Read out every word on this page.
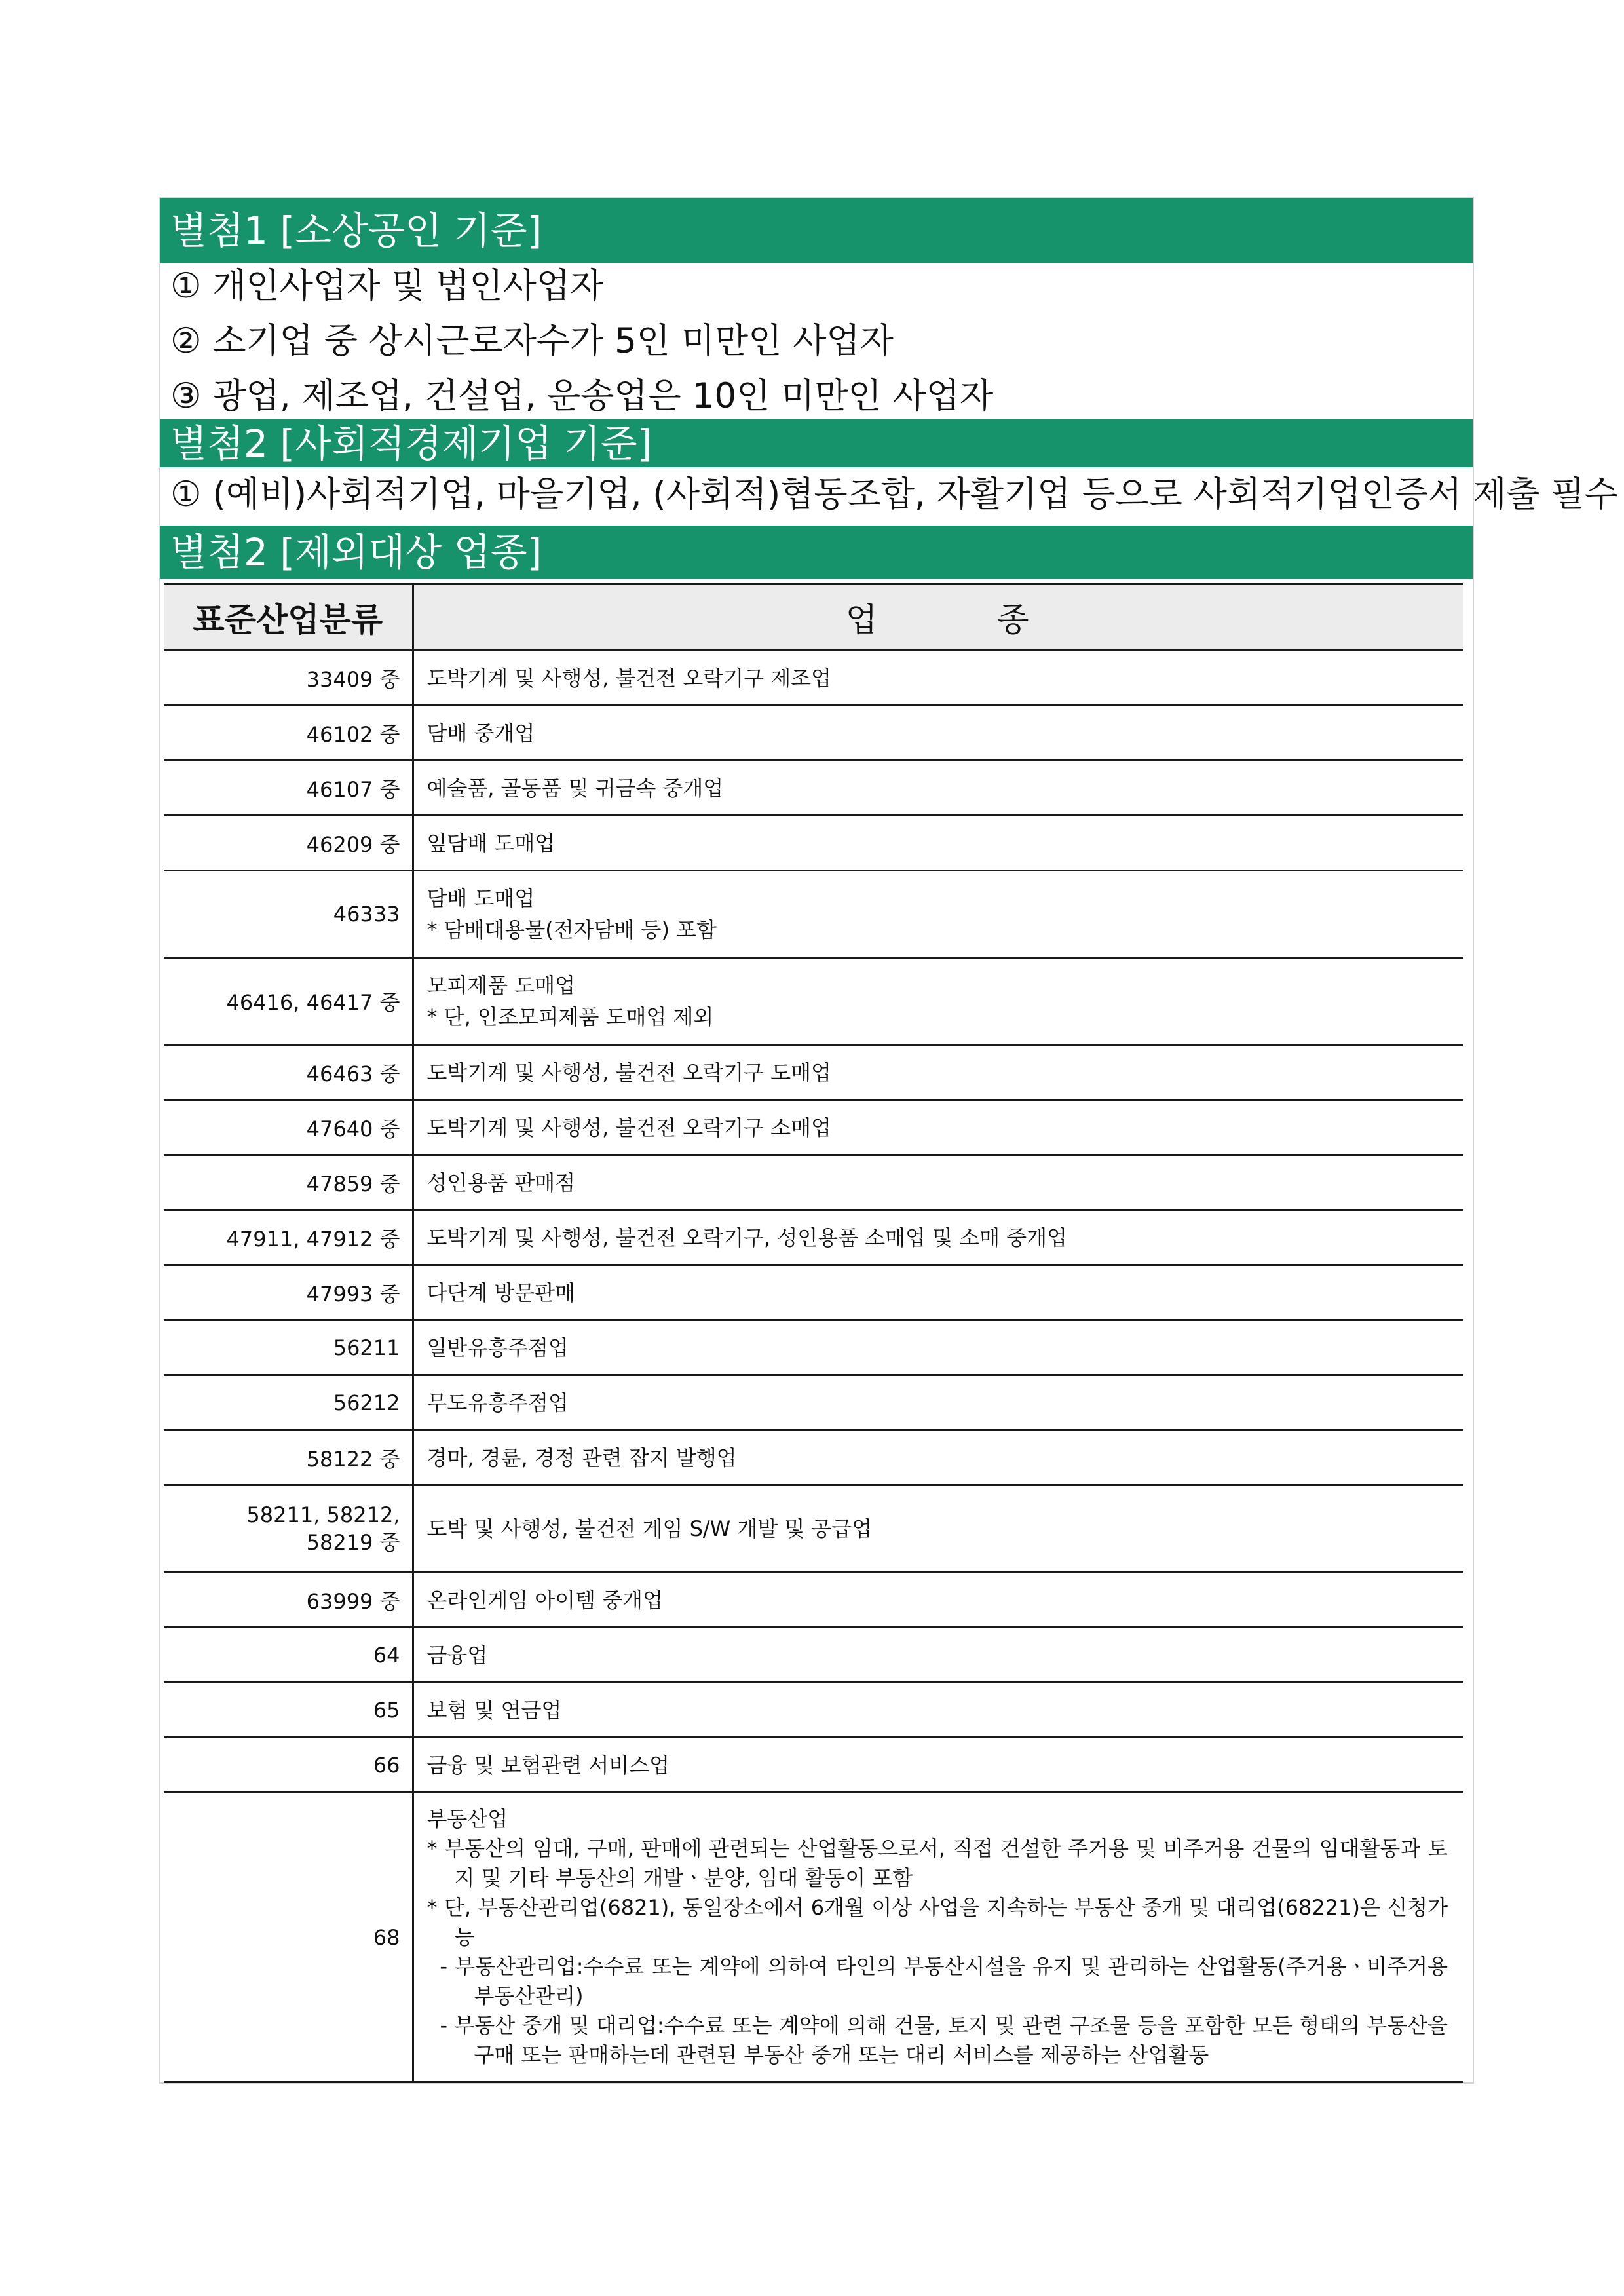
별첨1 [소상공인 기준]
① 개인사업자 및 법인사업자
② 소기업 중 상시근로자수가 5인 미만인 사업자
③ 광업, 제조업, 건설업, 운송업은 10인 미만인 사업자
별첨2 [사회적경제기업 기준]
① (예비)사회적기업, 마을기업, (사회적)협동조합, 자활기업 등으로 사회적기업인증서 제출 필수
별첨2 [제외대상 업종]
표준산업분류	업         종
33409 중	도박기계 및 사행성, 불건전 오락기구 제조업

46102 중	담배 중개업

46107 중	예술품, 골동품 및 귀금속 중개업

46209 중	잎담배 도매업

46333	담배 도매업
* 담배대용물(전자담배 등) 포함

46416, 46417 중	모피제품 도매업
* 단, 인조모피제품 도매업 제외

46463 중	도박기계 및 사행성, 불건전 오락기구 도매업

47640 중	도박기계 및 사행성, 불건전 오락기구 소매업

47859 중	성인용품 판매점

47911, 47912 중	도박기계 및 사행성, 불건전 오락기구, 성인용품 소매업 및 소매 중개업

47993 중	다단계 방문판매

56211	일반유흥주점업

56212	무도유흥주점업

58122 중	경마, 경륜, 경정 관련 잡지 발행업

58211, 58212, 58219 중	도박 및 사행성, 불건전 게임 S/W 개발 및 공급업

63999 중	온라인게임 아이템 중개업

64	금융업

65	보험 및 연금업

66	금융 및 보험관련 서비스업

68	부동산업
* 부동산의 임대, 구매, 판매에 관련되는 산업활동으로서, 직접 건설한 주거용 및 비주거용 건물의 임대활동과 토지 및 기타 부동산의 개발ㆍ분양, 임대 활동이 포함
* 단, 부동산관리업(6821), 동일장소에서 6개월 이상 사업을 지속하는 부동산 중개 및 대리업(68221)은 신청가능
- 부동산관리업:수수료 또는 계약에 의하여 타인의 부동산시설을 유지 및 관리하는 산업활동(주거용ㆍ비주거용 부동산관리)
- 부동산 중개 및 대리업:수수료 또는 계약에 의해 건물, 토지 및 관련 구조물 등을 포함한 모든 형태의 부동산을 구매 또는 판매하는데 관련된 부동산 중개 또는 대리 서비스를 제공하는 산업활동
